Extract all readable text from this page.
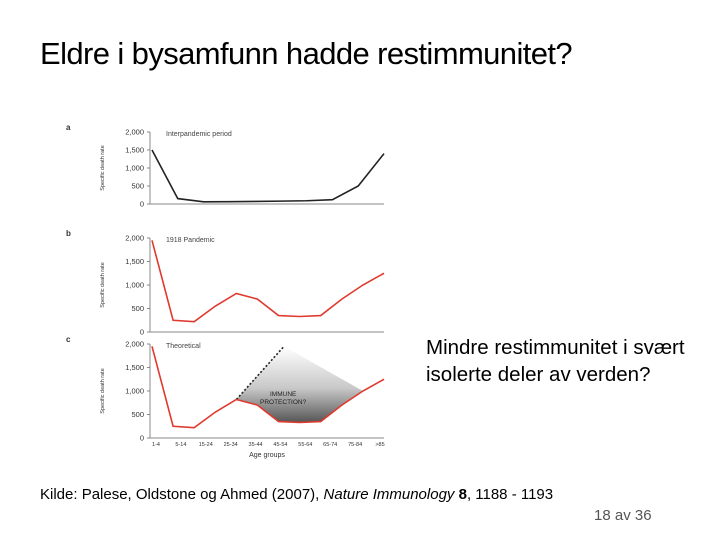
Eldre i bysamfunn hadde restimmunitet?
a	2,000
1,500
1,000
500
0
Specific death rate
Interpandemic period
b	2,000
1,500
1,000
500
0
Specific death rate
1918 Pandemic
c	2,000
1,500
1,000
500
0
Specific death rate
Theoretical
IMMUNE
PROTECTION?
1-4	5-14 15-24 25-34 35-44 45-54 55-64 65-74 75-84 >85
Age groups
Mindre restimmunitet i svært isolerte deler av verden?
Kilde: Palese, Oldstone og Ahmed (2007), Nature Immunology 8, 1188 - 1193
18 av 36
